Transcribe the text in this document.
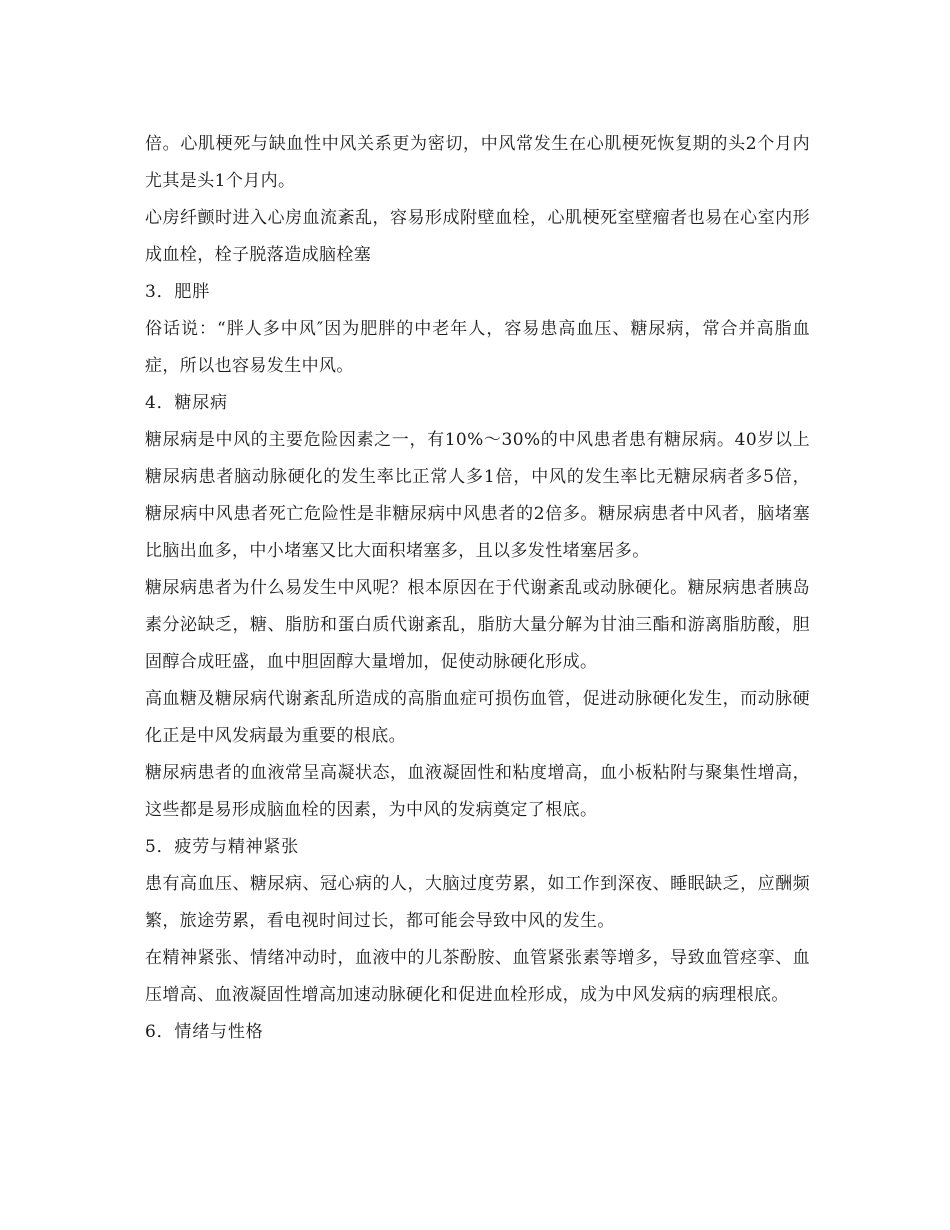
倍。心肌梗死与缺血性中风关系更为密切，中风常发生在心肌梗死恢复期的头2个月内尤其是头1个月内。

心房纤颤时进入心房血流紊乱，容易形成附壁血栓，心肌梗死室壁瘤者也易在心室内形成血栓，栓子脱落造成脑栓塞

3．肥胖

俗话说：“胖人多中风″因为肥胖的中老年人，容易患高血压、糖尿病，常合并高脂血症，所以也容易发生中风。

4．糖尿病

糖尿病是中风的主要危险因素之一，有10%～30%的中风患者患有糖尿病。40岁以上糖尿病患者脑动脉硬化的发生率比正常人多1倍，中风的发生率比无糖尿病者多5倍，糖尿病中风患者死亡危险性是非糖尿病中风患者的2倍多。糖尿病患者中风者，脑堵塞比脑出血多，中小堵塞又比大面积堵塞多，且以多发性堵塞居多。

糖尿病患者为什么易发生中风呢？根本原因在于代谢紊乱或动脉硬化。糖尿病患者胰岛素分泌缺乏，糖、脂肪和蛋白质代谢紊乱，脂肪大量分解为甘油三酯和游离脂肪酸，胆固醇合成旺盛，血中胆固醇大量增加，促使动脉硬化形成。

高血糖及糖尿病代谢紊乱所造成的高脂血症可损伤血管，促进动脉硬化发生，而动脉硬化正是中风发病最为重要的根底。

糖尿病患者的血液常呈高凝状态，血液凝固性和粘度增高，血小板粘附与聚集性增高，这些都是易形成脑血栓的因素，为中风的发病奠定了根底。

5．疲劳与精神紧张

患有高血压、糖尿病、冠心病的人，大脑过度劳累，如工作到深夜、睡眠缺乏，应酬频繁，旅途劳累，看电视时间过长，都可能会导致中风的发生。

在精神紧张、情绪冲动时，血液中的儿茶酚胺、血管紧张素等增多，导致血管痉挛、血压增高、血液凝固性增高加速动脉硬化和促进血栓形成，成为中风发病的病理根底。

6．情绪与性格
